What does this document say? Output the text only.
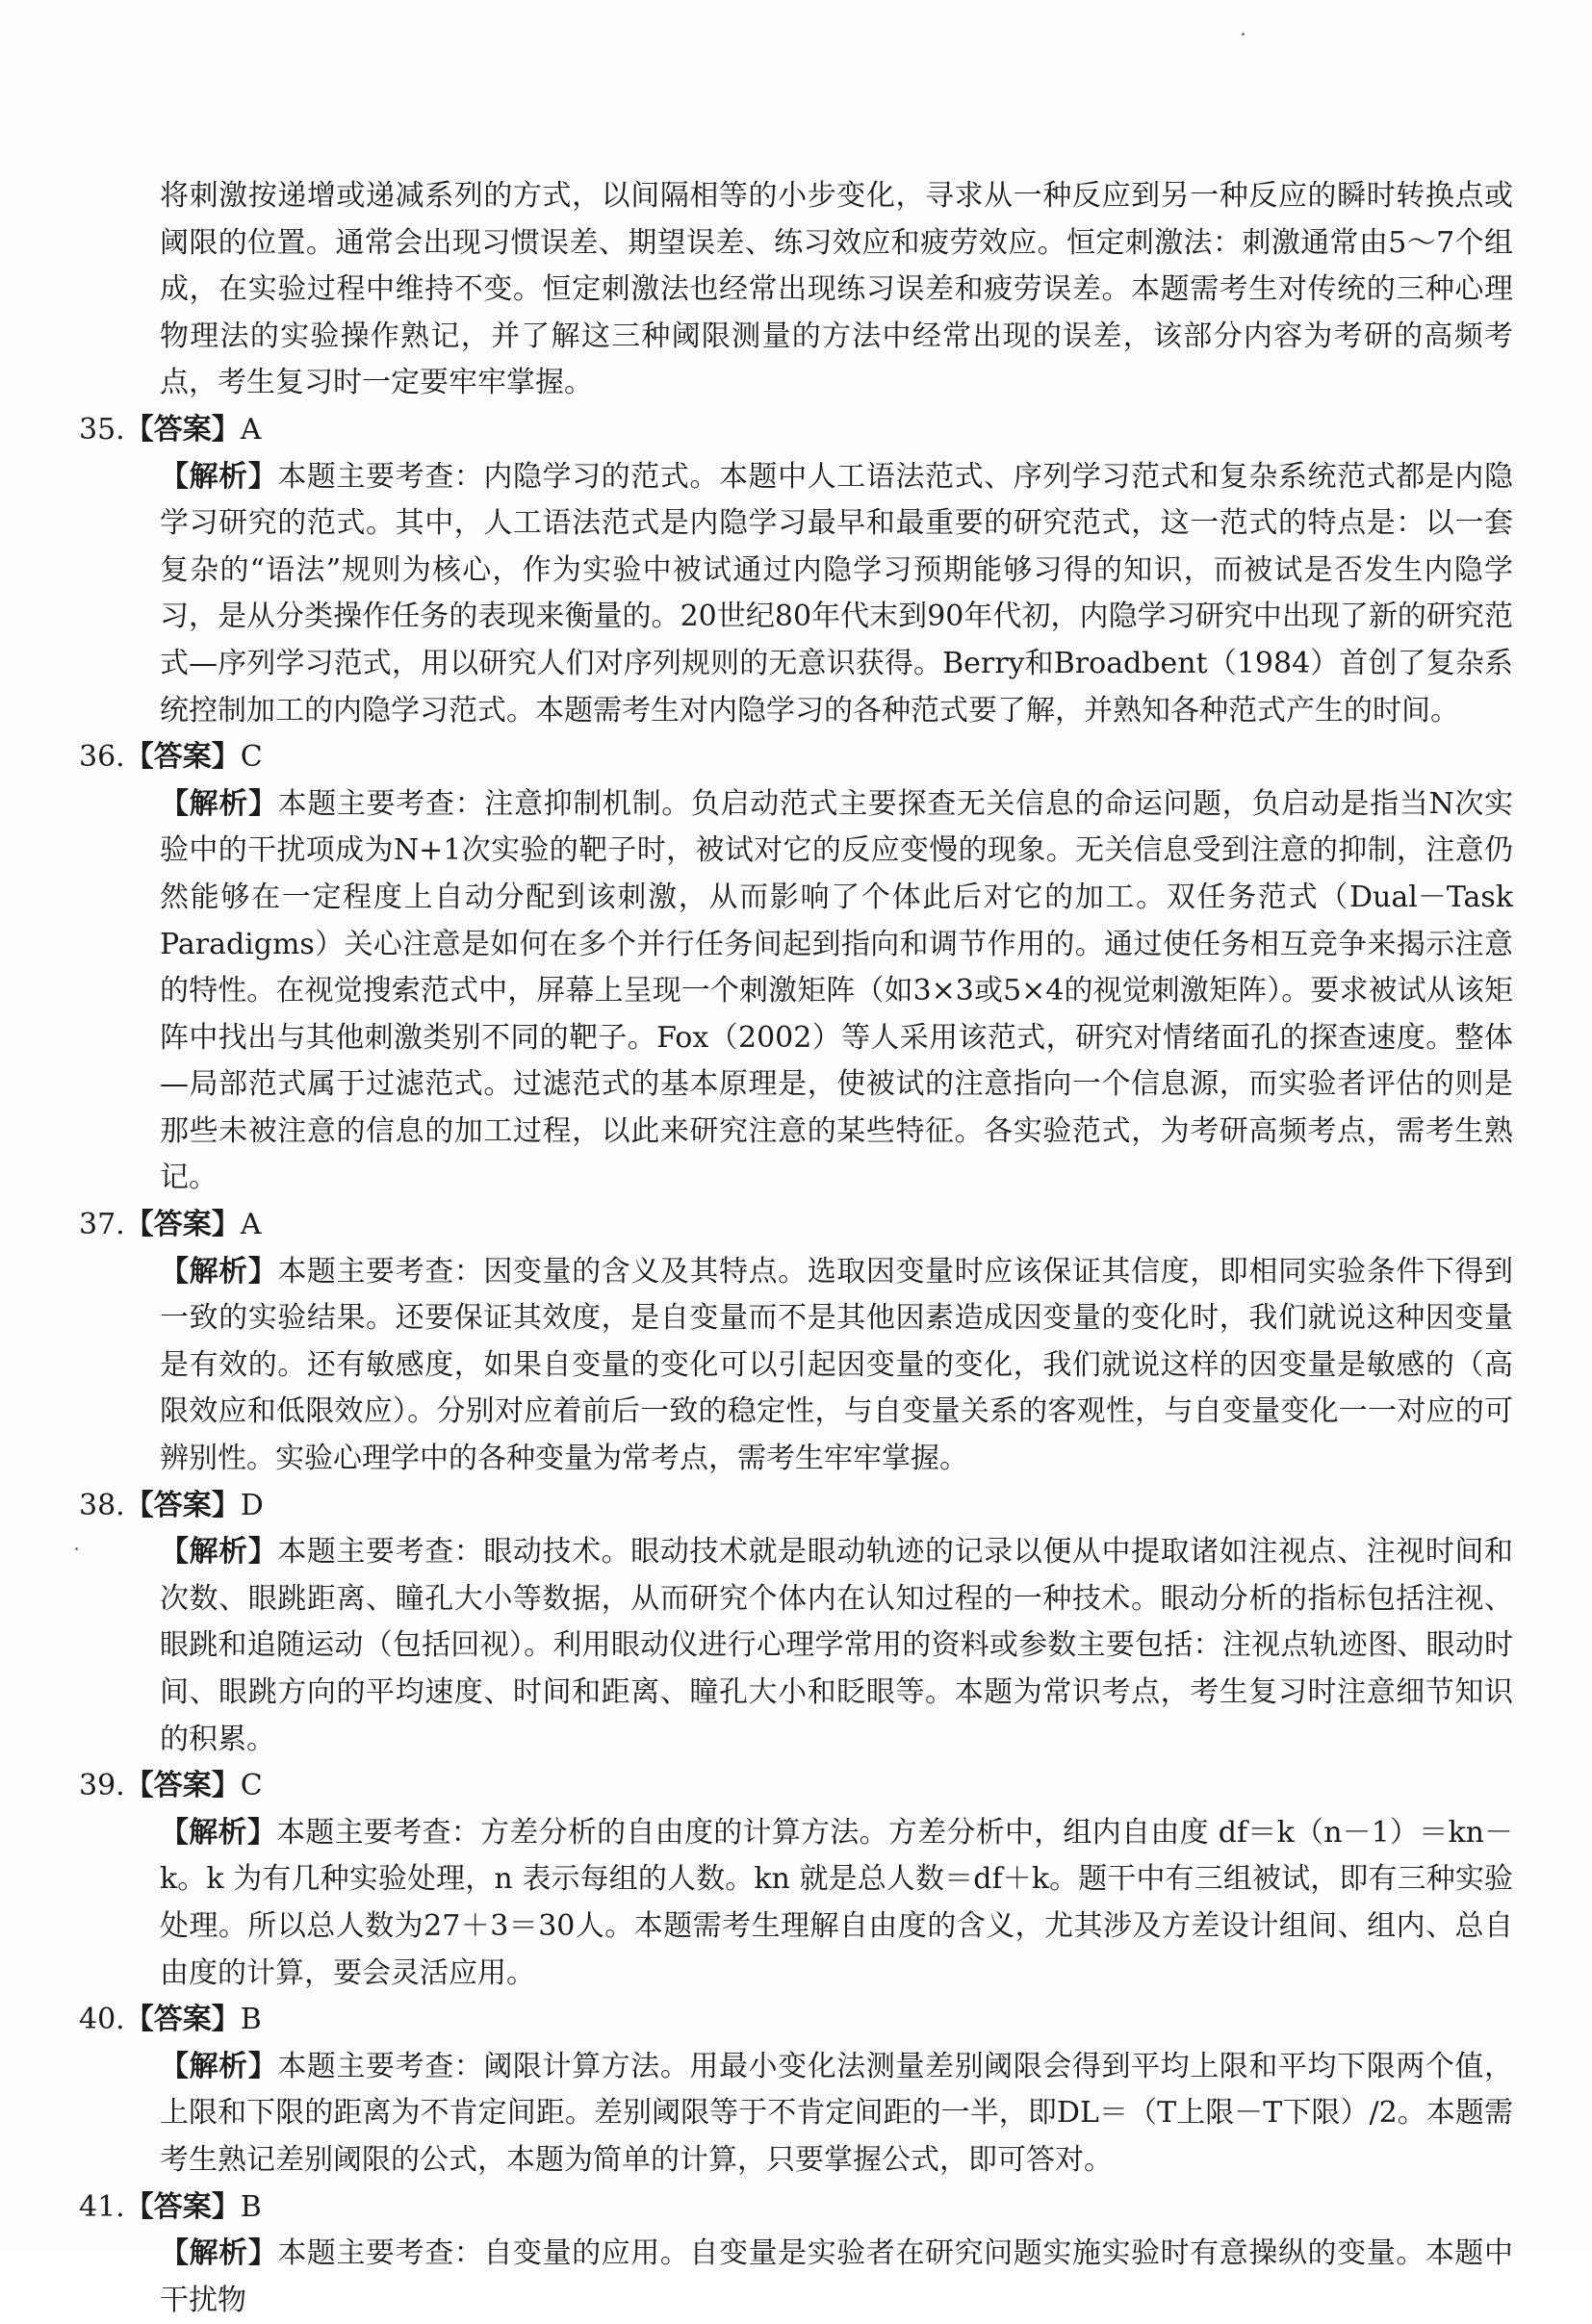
将刺激按递增或递减系列的方式，以间隔相等的小步变化，寻求从一种反应到另一种反应的瞬时转换点或阈限的位置。通常会出现习惯误差、期望误差、练习效应和疲劳效应。恒定刺激法：刺激通常由5～7个组成，在实验过程中维持不变。恒定刺激法也经常出现练习误差和疲劳误差。本题需考生对传统的三种心理物理法的实验操作熟记，并了解这三种阈限测量的方法中经常出现的误差，该部分内容为考研的高频考点，考生复习时一定要牢牢掌握。

35.【答案】A

【解析】本题主要考查：内隐学习的范式。本题中人工语法范式、序列学习范式和复杂系统范式都是内隐学习研究的范式。其中，人工语法范式是内隐学习最早和最重要的研究范式，这一范式的特点是：以一套复杂的“语法”规则为核心，作为实验中被试通过内隐学习预期能够习得的知识，而被试是否发生内隐学习，是从分类操作任务的表现来衡量的。20世纪80年代末到90年代初，内隐学习研究中出现了新的研究范式—序列学习范式，用以研究人们对序列规则的无意识获得。Berry和Broadbent（1984）首创了复杂系统控制加工的内隐学习范式。本题需考生对内隐学习的各种范式要了解，并熟知各种范式产生的时间。

36.【答案】C

【解析】本题主要考查：注意抑制机制。负启动范式主要探查无关信息的命运问题，负启动是指当N次实验中的干扰项成为N+1次实验的靶子时，被试对它的反应变慢的现象。无关信息受到注意的抑制，注意仍然能够在一定程度上自动分配到该刺激，从而影响了个体此后对它的加工。双任务范式（Dual－Task Paradigms）关心注意是如何在多个并行任务间起到指向和调节作用的。通过使任务相互竞争来揭示注意的特性。在视觉搜索范式中，屏幕上呈现一个刺激矩阵（如3×3或5×4的视觉刺激矩阵）。要求被试从该矩阵中找出与其他刺激类别不同的靶子。Fox（2002）等人采用该范式，研究对情绪面孔的探查速度。整体—局部范式属于过滤范式。过滤范式的基本原理是，使被试的注意指向一个信息源，而实验者评估的则是那些未被注意的信息的加工过程，以此来研究注意的某些特征。各实验范式，为考研高频考点，需考生熟记。

37.【答案】A

【解析】本题主要考查：因变量的含义及其特点。选取因变量时应该保证其信度，即相同实验条件下得到一致的实验结果。还要保证其效度，是自变量而不是其他因素造成因变量的变化时，我们就说这种因变量是有效的。还有敏感度，如果自变量的变化可以引起因变量的变化，我们就说这样的因变量是敏感的（高限效应和低限效应）。分别对应着前后一致的稳定性，与自变量关系的客观性，与自变量变化一一对应的可辨别性。实验心理学中的各种变量为常考点，需考生牢牢掌握。

38.【答案】D

【解析】本题主要考查：眼动技术。眼动技术就是眼动轨迹的记录以便从中提取诸如注视点、注视时间和次数、眼跳距离、瞳孔大小等数据，从而研究个体内在认知过程的一种技术。眼动分析的指标包括注视、眼跳和追随运动（包括回视）。利用眼动仪进行心理学常用的资料或参数主要包括：注视点轨迹图、眼动时间、眼跳方向的平均速度、时间和距离、瞳孔大小和眨眼等。本题为常识考点，考生复习时注意细节知识的积累。

39.【答案】C

【解析】本题主要考查：方差分析的自由度的计算方法。方差分析中，组内自由度 df＝k（n－1）＝kn－k。k 为有几种实验处理，n 表示每组的人数。kn 就是总人数＝df＋k。题干中有三组被试，即有三种实验处理。所以总人数为27＋3＝30人。本题需考生理解自由度的含义，尤其涉及方差设计组间、组内、总自由度的计算，要会灵活应用。

40.【答案】B

【解析】本题主要考查：阈限计算方法。用最小变化法测量差别阈限会得到平均上限和平均下限两个值，上限和下限的距离为不肯定间距。差别阈限等于不肯定间距的一半，即DL＝（T上限－T下限）/2。本题需考生熟记差别阈限的公式，本题为简单的计算，只要掌握公式，即可答对。

41.【答案】B

【解析】本题主要考查：自变量的应用。自变量是实验者在研究问题实施实验时有意操纵的变量。本题中干扰物
